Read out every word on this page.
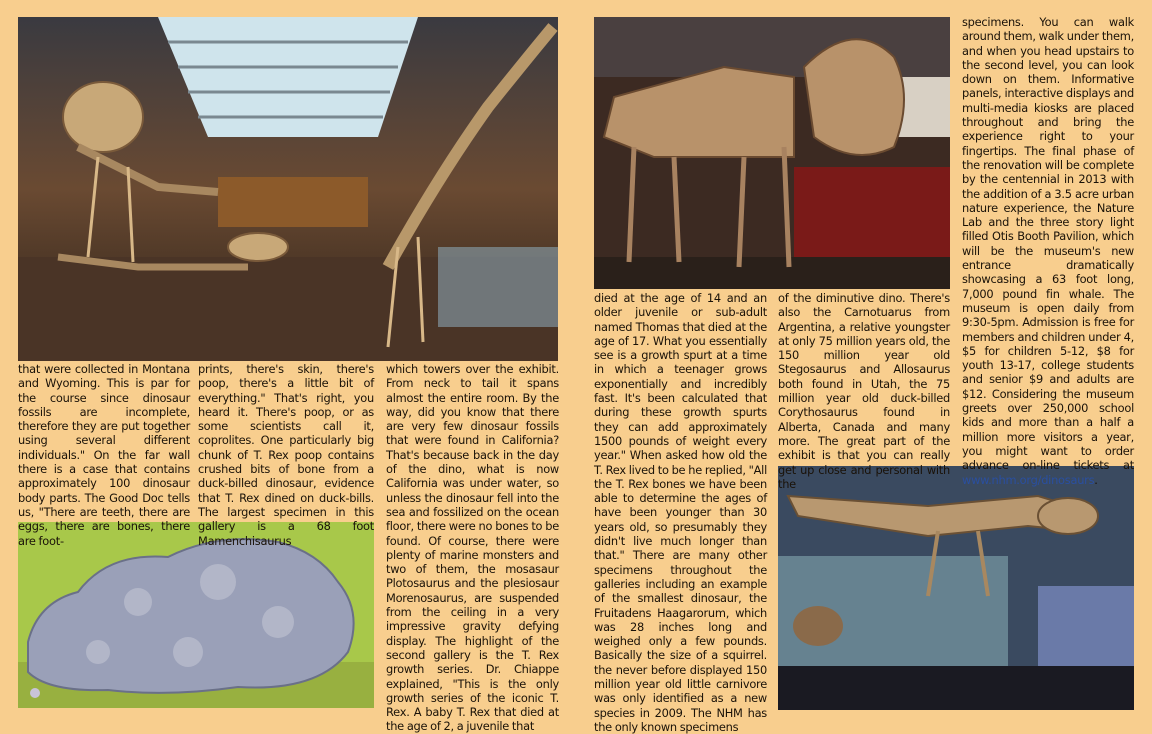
that were collected in Montana and Wyoming. This is par for the course since dinosaur fossils are incomplete, therefore they are put together using several different individuals." On the far wall there is a case that contains approximately 100 dinosaur body parts. The Good Doc tells us, "There are teeth, there are eggs, there are bones, there are foot-

prints, there's skin, there's poop, there's a little bit of everything." That's right, you heard it. There's poop, or as some scientists call it, coprolites. One particularly big chunk of T. Rex poop contains crushed bits of bone from a duck-billed dinosaur, evidence that T. Rex dined on duck-bills. The largest specimen in this gallery is a 68 foot Mamenchisaurus

which towers over the exhibit. From neck to tail it spans almost the entire room. By the way, did you know that there are very few dinosaur fossils that were found in California? That's because back in the day of the dino, what is now California was under water, so unless the dinosaur fell into the sea and fossilized on the ocean floor, there were no bones to be found. Of course, there were plenty of marine monsters and two of them, the mosasaur Plotosaurus and the plesiosaur Morenosaurus, are suspended from the ceiling in a very impressive gravity defying display. The highlight of the second gallery is the T. Rex growth series. Dr. Chiappe explained, "This is the only growth series of the iconic T. Rex. A baby T. Rex that died at the age of 2, a juvenile that

died at the age of 14 and an older juvenile or sub-adult named Thomas that died at the age of 17. What you essentially see is a growth spurt at a time in which a teenager grows exponentially and incredibly fast. It's been calculated that during these growth spurts they can add approximately 1500 pounds of weight every year." When asked how old the T. Rex lived to be he replied, "All the T. Rex bones we have been able to determine the ages of have been younger than 30 years old, so presumably they didn't live much longer than that." There are many other specimens throughout the galleries including an example of the smallest dinosaur, the Fruitadens Haagarorum, which was 28 inches long and weighed only a few pounds. Basically the size of a squirrel. the never before displayed 150 million year old little carnivore was only identified as a new species in 2009. The NHM has the only known specimens

of the diminutive dino. There's also the Carnotuarus from Argentina, a relative youngster at only 75 million years old, the 150 million year old Stegosaurus and Allosaurus both found in Utah, the 75 million year old duck-billed Corythosaurus found in Alberta, Canada and many more. The great part of the exhibit is that you can really get up close and personal with the

specimens. You can walk around them, walk under them, and when you head upstairs to the second level, you can look down on them. Informative panels, interactive displays and multi-media kiosks are placed throughout and bring the experience right to your fingertips. The final phase of the renovation will be complete by the centennial in 2013 with the addition of a 3.5 acre urban nature experience, the Nature Lab and the three story light filled Otis Booth Pavilion, which will be the museum's new entrance dramatically showcasing a 63 foot long, 7,000 pound fin whale. The museum is open daily from 9:30-5pm. Admission is free for members and children under 4, $5 for children 5-12, $8 for youth 13-17, college students and senior $9 and adults are $12. Considering the museum greets over 250,000 school kids and more than a half a million more visitors a year, you might want to order advance on-line tickets at www.nhm.org/dinosaurs.
